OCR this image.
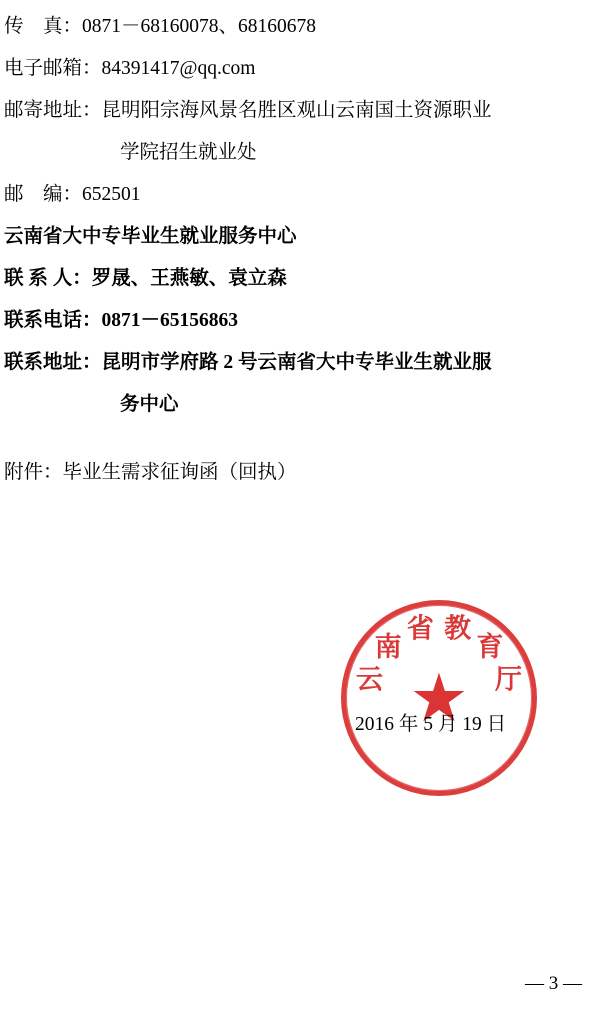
传    真：0871－68160078、68160678
电子邮箱：84391417@qq.com
邮寄地址：昆明阳宗海风景名胜区观山云南国土资源职业
学院招生就业处
邮    编：652501
云南省大中专毕业生就业服务中心
联 系 人：罗晟、王燕敏、袁立森
联系电话：0871－65156863
联系地址：昆明市学府路 2 号云南省大中专毕业生就业服
务中心
附件：毕业生需求征询函（回执）
云
南
省 教
育
厅
2016 年 5 月 19 日
— 3 —
